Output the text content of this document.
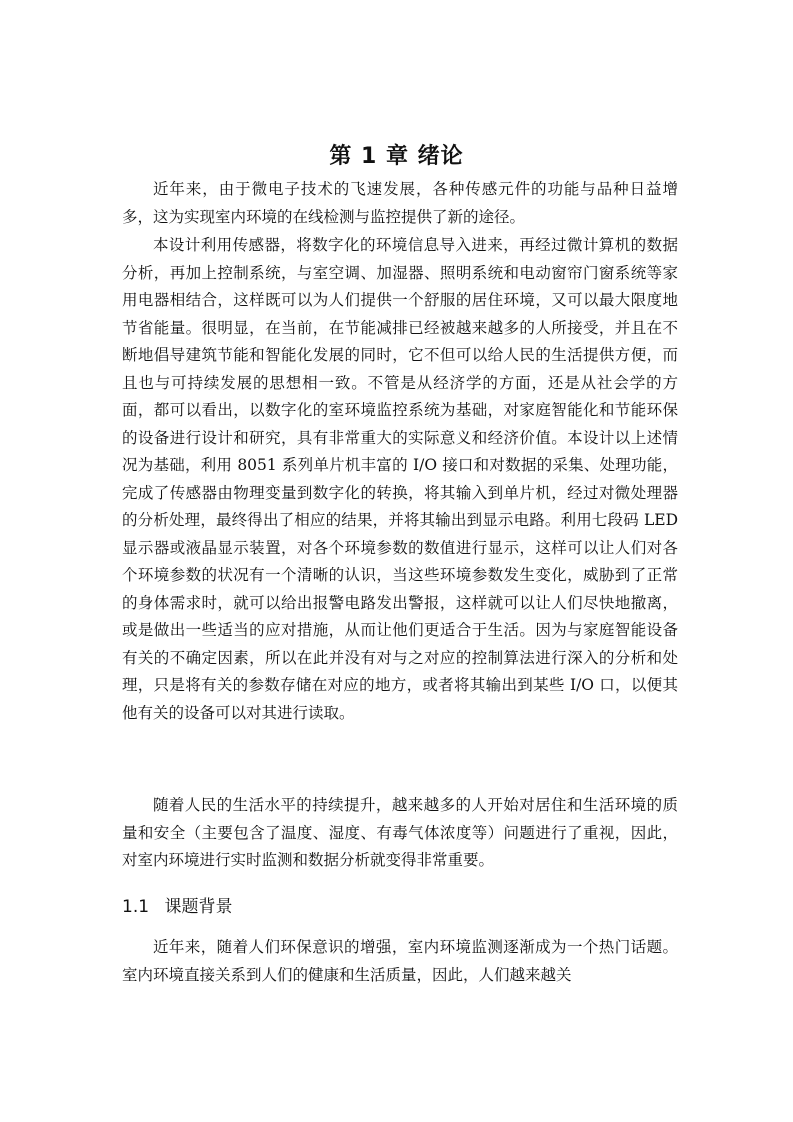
第 1 章 绪论

近年来，由于微电子技术的飞速发展，各种传感元件的功能与品种日益增多，这为实现室内环境的在线检测与监控提供了新的途径。

本设计利用传感器，将数字化的环境信息导入进来，再经过微计算机的数据分析，再加上控制系统，与室空调、加湿器、照明系统和电动窗帘门窗系统等家用电器相结合，这样既可以为人们提供一个舒服的居住环境，又可以最大限度地节省能量。很明显，在当前，在节能减排已经被越来越多的人所接受，并且在不断地倡导建筑节能和智能化发展的同时，它不但可以给人民的生活提供方便，而且也与可持续发展的思想相一致。不管是从经济学的方面，还是从社会学的方面，都可以看出，以数字化的室环境监控系统为基础，对家庭智能化和节能环保的设备进行设计和研究，具有非常重大的实际意义和经济价值。本设计以上述情况为基础，利用 8051 系列单片机丰富的 I/O 接口和对数据的采集、处理功能，完成了传感器由物理变量到数字化的转换，将其输入到单片机，经过对微处理器的分析处理，最终得出了相应的结果，并将其输出到显示电路。利用七段码 LED 显示器或液晶显示装置，对各个环境参数的数值进行显示，这样可以让人们对各个环境参数的状况有一个清晰的认识，当这些环境参数发生变化，威胁到了正常的身体需求时，就可以给出报警电路发出警报，这样就可以让人们尽快地撤离，或是做出一些适当的应对措施，从而让他们更适合于生活。因为与家庭智能设备有关的不确定因素，所以在此并没有对与之对应的控制算法进行深入的分析和处理，只是将有关的参数存储在对应的地方，或者将其输出到某些 I/O 口，以便其他有关的设备可以对其进行读取。

随着人民的生活水平的持续提升，越来越多的人开始对居住和生活环境的质量和安全（主要包含了温度、湿度、有毒气体浓度等）问题进行了重视，因此，对室内环境进行实时监测和数据分析就变得非常重要。

1.1 课题背景

近年来，随着人们环保意识的增强，室内环境监测逐渐成为一个热门话题。室内环境直接关系到人们的健康和生活质量，因此，人们越来越关
